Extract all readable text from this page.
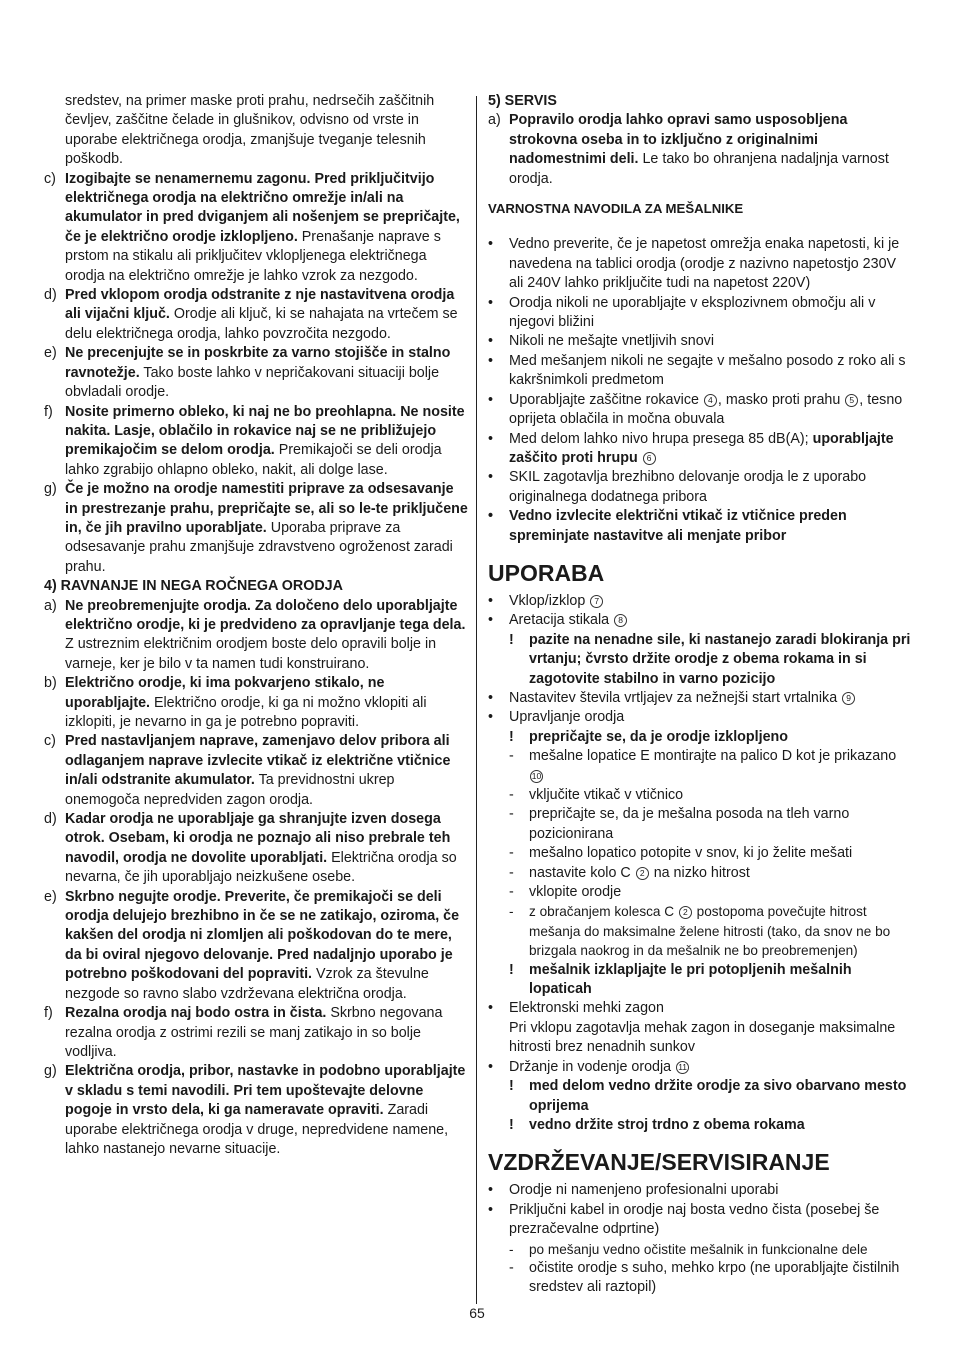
sredstev, na primer maske proti prahu, nedrsečih zaščitnih čevljev, zaščitne čelade in glušnikov, odvisno od vrste in uporabe električnega orodja, zmanjšuje tveganje telesnih poškodb.
c) Izogibajte se nenamernemu zagonu. Pred priključitvijo električnega orodja na električno omrežje in/ali na akumulator in pred dviganjem ali nošenjem se prepričajte, če je električno orodje izklopljeno. Prenašanje naprave s prstom na stikalu ali priključitev vklopljenega električnega orodja na električno omrežje je lahko vzrok za nezgodo.
d) Pred vklopom orodja odstranite z nje nastavitvena orodja ali vijačni ključ. Orodje ali ključ, ki se nahajata na vrtečem se delu električnega orodja, lahko povzročita nezgodo.
e) Ne precenjujte se in poskrbite za varno stojišče in stalno ravnotežje. Tako boste lahko v nepričakovani situaciji bolje obvladali orodje.
f) Nosite primerno obleko, ki naj ne bo preohlapna. Ne nosite nakita. Lasje, oblačilo in rokavice naj se ne približujejo premikajočim se delom orodja. Premikajoči se deli orodja lahko zgrabijo ohlapno obleko, nakit, ali dolge lase.
g) Če je možno na orodje namestiti priprave za odsesavanje in prestrezanje prahu, prepričajte se, ali so le-te priključene in, če jih pravilno uporabljate. Uporaba priprave za odsesavanje prahu zmanjšuje zdravstveno ogroženost zaradi prahu.
4) RAVNANJE IN NEGA ROČNEGA ORODJA
a) Ne preobremenjujte orodja. Za določeno delo uporabljajte električno orodje, ki je predvideno za opravljanje tega dela. Z ustreznim električnim orodjem boste delo opravili bolje in varneje, ker je bilo v ta namen tudi konstruirano.
b) Električno orodje, ki ima pokvarjeno stikalo, ne uporabljajte. Električno orodje, ki ga ni možno vklopiti ali izklopiti, je nevarno in ga je potrebno popraviti.
c) Pred nastavljanjem naprave, zamenjavo delov pribora ali odlaganjem naprave izvlecite vtikač iz električne vtičnice in/ali odstranite akumulator. Ta previdnostni ukrep onemogoča nepredviden zagon orodja.
d) Kadar orodja ne uporabljaje ga shranjujte izven dosega otrok. Osebam, ki orodja ne poznajo ali niso prebrale teh navodil, orodja ne dovolite uporabljati. Električna orodja so nevarna, če jih uporabljajo neizkušene osebe.
e) Skrbno negujte orodje. Preverite, če premikajoči se deli orodja delujejo brezhibno in če se ne zatikajo, oziroma, če kakšen del orodja ni zlomljen ali poškodovan do te mere, da bi oviral njegovo delovanje. Pred nadaljnjo uporabo je potrebno poškodovani del popraviti. Vzrok za števulne nezgode so ravno slabo vzdrževana električna orodja.
f) Rezalna orodja naj bodo ostra in čista. Skrbno negovana rezalna orodja z ostrimi rezili se manj zatikajo in so bolje vodljiva.
g) Električna orodja, pribor, nastavke in podobno uporabljajte v skladu s temi navodili. Pri tem upoštevajte delovne pogoje in vrsto dela, ki ga nameravate opraviti. Zaradi uporabe električnega orodja v druge, nepredvidene namene, lahko nastanejo nevarne situacije.
5) SERVIS
a) Popravilo orodja lahko opravi samo usposobljena strokovna oseba in to izključno z originalnimi nadomestnimi deli. Le tako bo ohranjena nadaljnja varnost orodja.
VARNOSTNA NAVODILA ZA MEŠALNIKE
• Vedno preverite, če je napetost omrežja enaka napetosti, ki je navedena na tablici orodja (orodje z nazivno napetostjo 230V ali 240V lahko priključite tudi na napetost 220V)
• Orodja nikoli ne uporabljajte v eksplozivnem območju ali v njegovi bližini
• Nikoli ne mešajte vnetljivih snovi
• Med mešanjem nikoli ne segajte v mešalno posodo z roko ali s kakršnimkoli predmetom
• Uporabljajte zaščitne rokavice 4 , masko proti prahu 5 , tesno oprijeta oblačila in močna obuvala
• Med delom lahko nivo hrupa presega 85 dB(A); uporabljajte zaščito proti hrupu 6
• SKIL zagotavlja brezhibno delovanje orodja le z uporabo originalnega dodatnega pribora
• Vedno izvlecite električni vtikač iz vtičnice preden spreminjate nastavitve ali menjate pribor
UPORABA
• Vklop/izklop 7
• Aretacija stikala 8
! pazite na nenadne sile, ki nastanejo zaradi blokiranja pri vrtanju; čvrsto držite orodje z obema rokama in si zagotovite stabilno in varno pozicijo
• Nastavitev števila vrtljajev za nežnejši start vrtalnika 9
• Upravljanje orodja
! prepričajte se, da je orodje izklopljeno
- mešalne lopatice E montirajte na palico D kot je prikazano 10
- vključite vtikač v vtičnico
- prepričajte se, da je mešalna posoda na tleh varno pozicionirana
- mešalno lopatico potopite v snov, ki jo želite mešati
- nastavite kolo C 2 na nizko hitrost
- vklopite orodje
- z obračanjem kolesca C 2 postopoma povečujte hitrost mešanja do maksimalne želene hitrosti (tako, da snov ne bo brizgala naokrog in da mešalnik ne bo preobremenjen)
! mešalnik izklapljajte le pri potopljenih mešalnih lopaticah
• Elektronski mehki zagon
Pri vklopu zagotavlja mehak zagon in doseganje maksimalne hitrosti brez nenadnih sunkov
• Držanje in vodenje orodja 11
! med delom vedno držite orodje za sivo obarvano mesto oprijema
! vedno držite stroj trdno z obema rokama
VZDRŽEVANJE/SERVISIRANJE
• Orodje ni namenjeno profesionalni uporabi
• Priključni kabel in orodje naj bosta vedno čista (posebej še prezračevalne odprtine)
- po mešanju vedno očistite mešalnik in funkcionalne dele
- očistite orodje s suho, mehko krpo (ne uporabljajte čistilnih sredstev ali raztopil)
65
